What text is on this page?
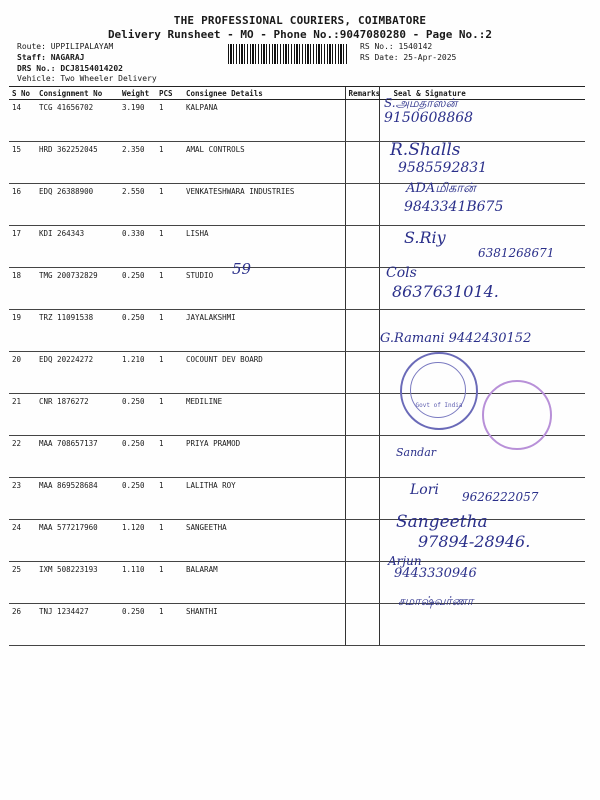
THE PROFESSIONAL COURIERS, COIMBATORE
Delivery Runsheet - MO - Phone No.:9047080280 - Page No.:2
Route: UPPILIPALAYAM
Staff: NAGARAJ
DRS No.: DCJ8154014202
Vehicle: Two Wheeler Delivery
RS No.: 1540142
RS Date: 25-Apr-2025
S No	Consignment No	Weight	PCS	Consignee Details	Remarks	Seal & Signature
14	TCG 41656702	3.190	1	KALPANA		
15	HRD 362252045	2.350	1	AMAL CONTROLS		
16	EDQ 26388900	2.550	1	VENKATESHWARA INDUSTRIES		
17	KDI 264343	0.330	1	LISHA		
18	TMG 200732829	0.250	1	STUDIO		
19	TRZ 11091538	0.250	1	JAYALAKSHMI		
20	EDQ 20224272	1.210	1	COCOUNT DEV BOARD		
21	CNR 1876272	0.250	1	MEDILINE		
22	MAA 708657137	0.250	1	PRIYA PRAMOD		
23	MAA 869528684	0.250	1	LALITHA ROY		
24	MAA 577217960	1.120	1	SANGEETHA		
25	IXM 508223193	1.110	1	BALARAM		
26	TNJ 1234427	0.250	1	SHANTHI		
59
S.அமதாஸன்
9150608868
R.Shalls
9585592831
ADAமிகான்
9843341B675
S.Riy
6381268671
Cols
8637631014.
G.Ramani 9442430152
Govt of India
Sandar
Lori 9626222057
Sangeetha
97894-28946.
Arjun
9443330946
சமாஷ்வர்ணா
